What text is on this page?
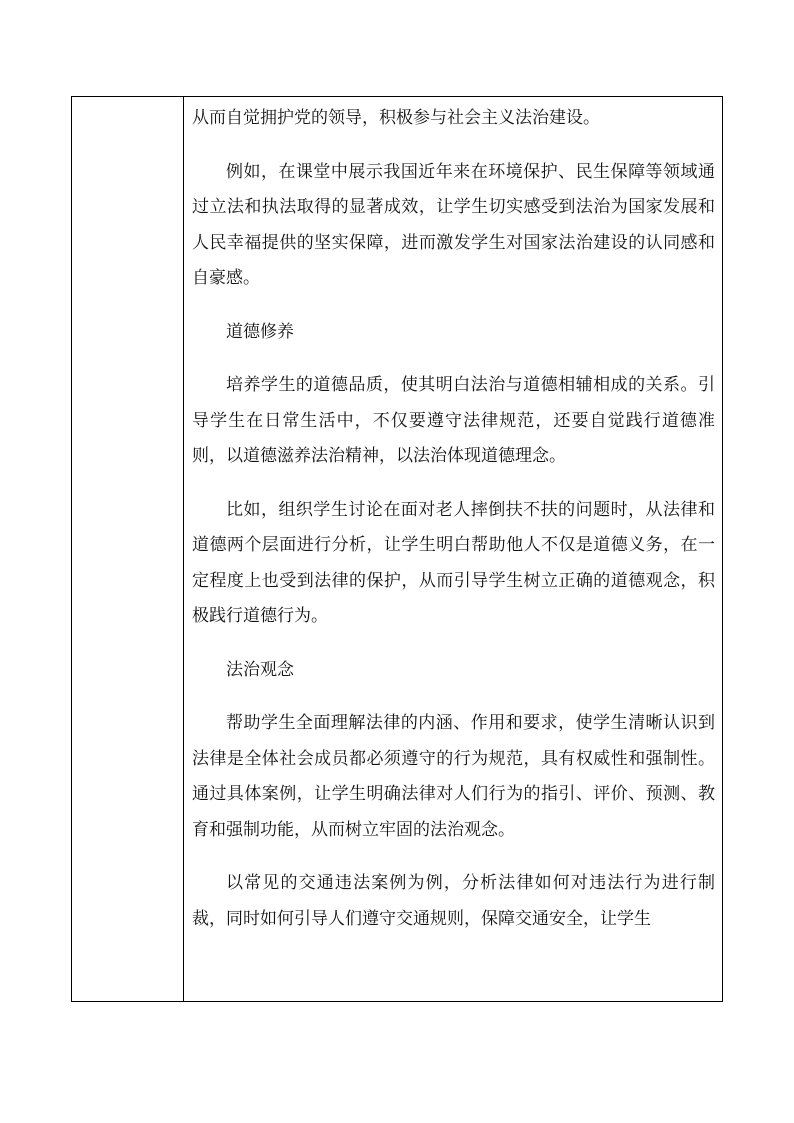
从而自觉拥护党的领导，积极参与社会主义法治建设。

例如，在课堂中展示我国近年来在环境保护、民生保障等领域通过立法和执法取得的显著成效，让学生切实感受到法治为国家发展和人民幸福提供的坚实保障，进而激发学生对国家法治建设的认同感和自豪感。

道德修养

培养学生的道德品质，使其明白法治与道德相辅相成的关系。引导学生在日常生活中，不仅要遵守法律规范，还要自觉践行道德准则，以道德滋养法治精神，以法治体现道德理念。

比如，组织学生讨论在面对老人摔倒扶不扶的问题时，从法律和道德两个层面进行分析，让学生明白帮助他人不仅是道德义务，在一定程度上也受到法律的保护，从而引导学生树立正确的道德观念，积极践行道德行为。

法治观念

帮助学生全面理解法律的内涵、作用和要求，使学生清晰认识到法律是全体社会成员都必须遵守的行为规范，具有权威性和强制性。通过具体案例，让学生明确法律对人们行为的指引、评价、预测、教育和强制功能，从而树立牢固的法治观念。

以常见的交通违法案例为例，分析法律如何对违法行为进行制裁，同时如何引导人们遵守交通规则，保障交通安全，让学生
